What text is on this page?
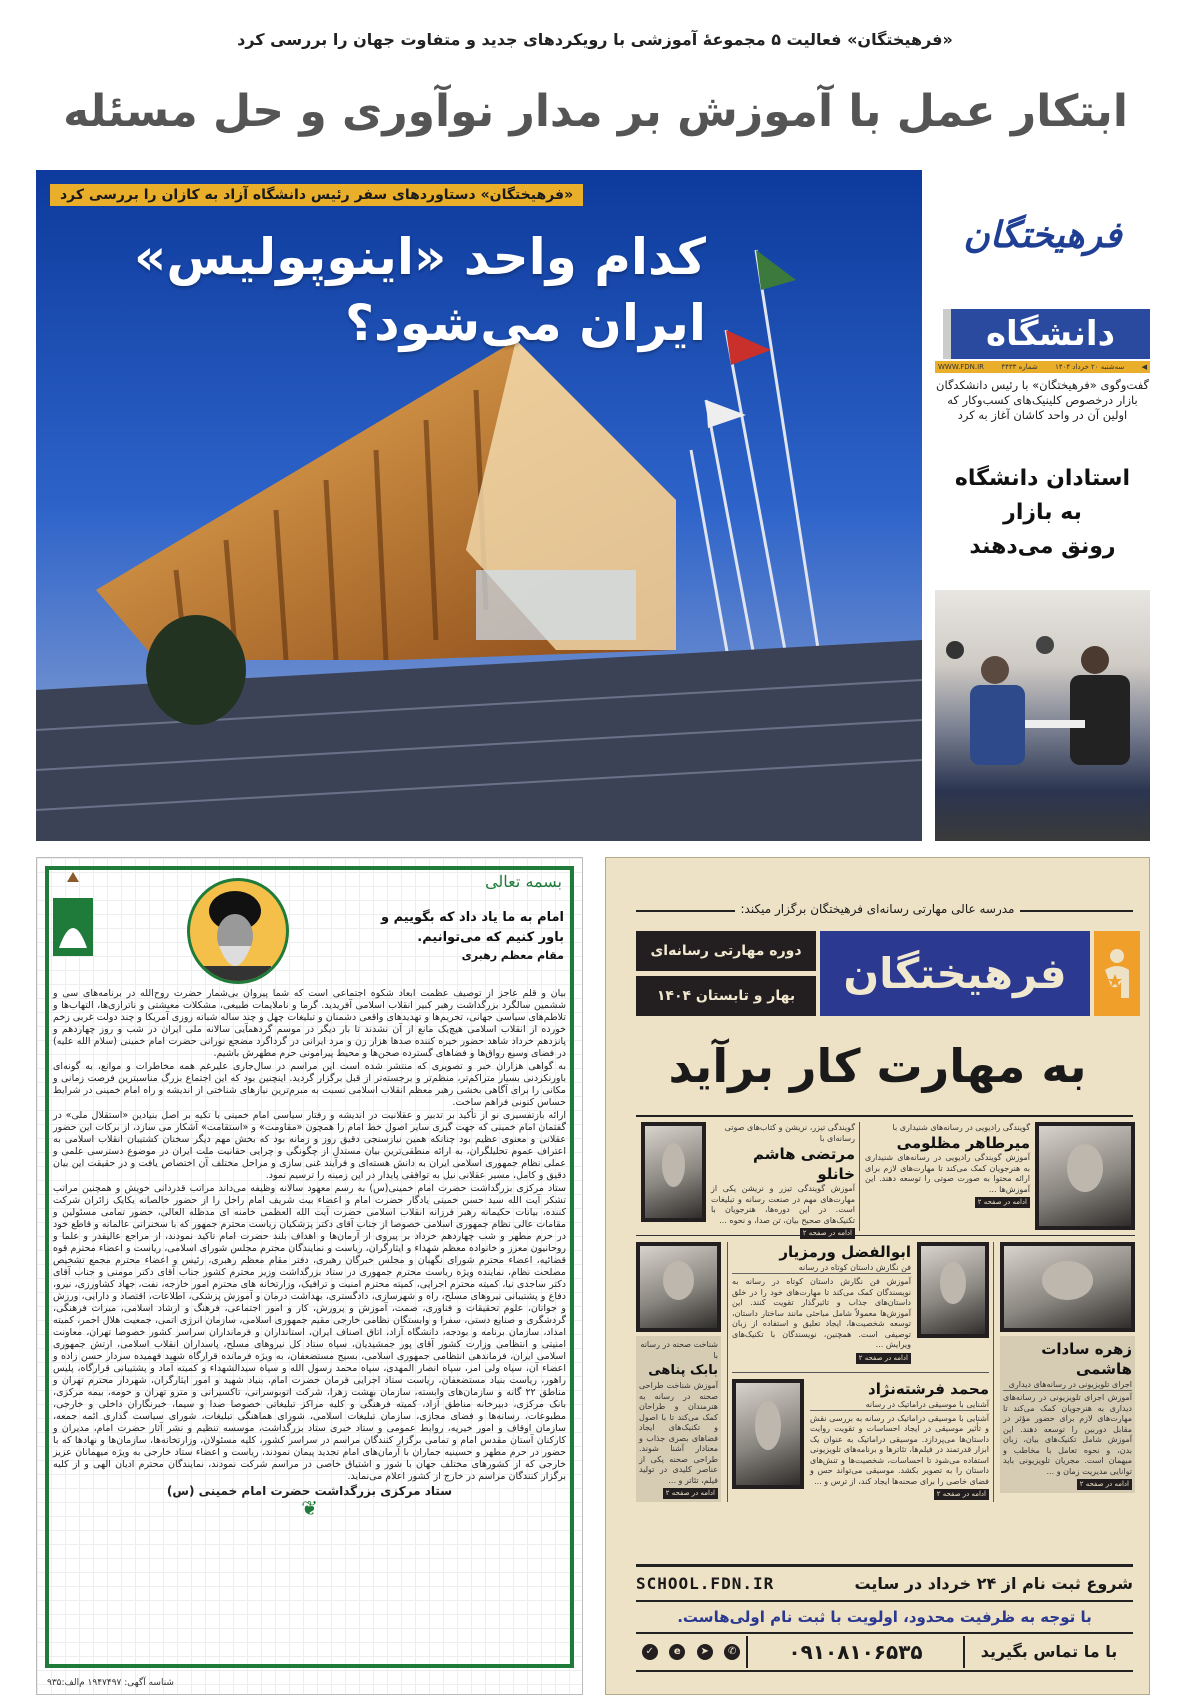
«فرهیختگان» فعالیت ۵ مجموعهٔ آموزشی با رویکردهای جدید و متفاوت جهان را بررسی کرد
ابتکار عمل با آموزش بر مدار نوآوری و حل مسئله
«فرهیختگان» دستاوردهای سفر رئیس دانشگاه آزاد به کازان را بررسی کرد
کدام واحد «اینوپولیس»
ایران می‌شود؟
فرهیختگان
دانشگاه
◀
سه‌شنبه ۲۰ خرداد ۱۴۰۴
شماره ۴۴۳۳
WWW.FDN.IR
گفت‌وگوی «فرهیختگان» با رئیس دانشکدگان بازار درخصوص کلینیک‌های کسب‌وکار که اولین آن در واحد کاشان آغاز به کرد
استادان دانشگاه
به بازار
رونق می‌دهند
بسمه تعالی
امام به ما یاد داد که بگوییم و
باور کنیم که می‌توانیم.
مقام معظم رهبری

بیان و قلم عاجز از توصیف عظمت ابعاد شکوه اجتماعی است که شما پیروان بی‌شمار حضرت روح‌الله در برنامه‌های سی و ششمین سالگرد بزرگداشت رهبر کبیر انقلاب اسلامی آفریدید. گرما و ناملایمات طبیعی، مشکلات معیشتی و ناترازی‌ها، التهاب‌ها و تلاطم‌های سیاسی جهانی، تحریم‌ها و تهدیدهای واقعی دشمنان و تبلیغات چهل و چند ساله شبانه روزی آمریکا و چند دولت غربی زخم خورده از انقلاب اسلامی هیچ‌یک مانع از آن نشدند تا بار دیگر در موسم گردهمآیی سالانه ملی ایران در شب و روز چهاردهم و پانزدهم خرداد شاهد حضور خیره کننده صدها هزار زن و مرد ایرانی در گرداگرد مضجع نورانی حضرت امام خمینی (سلام الله علیه) در فضای وسیع رواق‌ها و فضاهای گسترده صحن‌ها و محیط پیرامونی حرم مطهرش باشیم.

به گواهی هزاران خبر و تصویری که منتشر شده است این مراسم در سال‌جاری علیرغم همه مخاطرات و موانع، به گونه‌ای باورنکردنی بسیار متراکم‌تر، منظم‌تر و برجسته‌تر از قبل برگزار گردید. اینچنین بود که این اجتماع بزرگ مناسبترین فرصت زمانی و مکانی را برای آگاهی بخشی رهبر معظم انقلاب اسلامی نسبت به مبرم‌ترین نیازهای شناختی از اندیشه و راه امام خمینی در شرایط حساس کنونی فراهم ساخت.

ارائه بازتفسیری نو از تأکید بر تدبیر و عقلانیت در اندیشه و رفتار سیاسی امام خمینی با تکیه بر اصل بنیادین «استقلال ملی» در گفتمان امام خمینی که جهت گیری سایر اصول خط امام را همچون «مقاومت» و «استقامت» آشکار می سازد، از برکات این حضور عقلانی و معنوی عظیم بود چنانکه همین نیازسنجی دقیق روز و زمانه بود که بخش مهم دیگر سخنان کشتیبان انقلاب اسلامی به اعتراف عموم تحلیلگران، به ارائه منطقی‌ترین بیان مستدل از چگونگی و چرایی حقانیت ملت ایران در موضوع دسترسی علمی و عملی نظام جمهوری اسلامی ایران به دانش هسته‌ای و فرآیند غنی سازی و مراحل مختلف آن اختصاص یافت و در حقیقت این بیان دقیق و کامل، مسیر عقلانی نیل به توافقی پایدار در این زمینه را ترسیم نمود.

ستاد مرکزی بزرگداشت حضرت امام خمینی(س) به رسم معهود سالانه وظیفه می‌داند مراتب قدردانی خویش و همچنین مراتب تشکر آیت الله سید حسن خمینی یادگار حضرت امام و اعضاء بیت شریف امام راحل را از حضور خالصانه یکایک زائران شرکت کننده، بیانات حکیمانه رهبر فرزانه انقلاب اسلامی حضرت آیت الله العظمی خامنه ای مدظله العالی، حضور تمامی مسئولین و مقامات عالی نظام جمهوری اسلامی خصوصا از جناب آقای دکتر پزشکیان ریاست محترم جمهور که با سخنرانی عالمانه و قاطع خود در حرم مطهر و شب چهاردهم خرداد بر پیروی از آرمان‌ها و اهداف بلند حضرت امام تاکید نمودند، از مراجع عالیقدر و علما و روحانیون معزز و خانواده معظم شهداء و ایثارگران، ریاست و نمایندگان محترم مجلس شورای اسلامی، ریاست و اعضاء محترم قوه قضائیه، اعضاء محترم شورای نگهبان و مجلس خبرگان رهبری، دفتر مقام معظم رهبری، رئیس و اعضاء محترم مجمع تشخیص مصلحت نظام، نماینده ویژه ریاست محترم جمهوری در ستاد بزرگداشت وزیر محترم کشور جناب آقای دکتر مومنی و جناب آقای دکتر ساجدی نیا، کمیته محترم اجرایی، کمیته محترم امنیت و ترافیک، وزارتخانه های محترم امور خارجه، نفت، جهاد کشاورزی، نیرو، دفاع و پشتیبانی نیروهای مسلح، راه و شهرسازی، دادگستری، بهداشت درمان و آموزش پزشکی، اطلاعات، اقتصاد و دارایی، ورزش و جوانان، علوم تحقیقات و فناوری، صمت، آموزش و پرورش، کار و امور اجتماعی، فرهنگ و ارشاد اسلامی، میراث فرهنگی، گردشگری و صنایع دستی، سفرا و وابستگان نظامی خارجی مقیم جمهوری اسلامی، سازمان انرژی اتمی، جمعیت هلال احمر، کمیته امداد، سازمان برنامه و بودجه، دانشگاه آزاد، اتاق اصناف ایران، استانداران و فرمانداران سراسر کشور خصوصا تهران، معاونت امنیتی و انتظامی وزارت کشور آقای پور جمشیدیان، سپاه ستاد کل نیروهای مسلح، پاسداران انقلاب اسلامی، ارتش جمهوری اسلامی ایران، فرماندهی انتظامی جمهوری اسلامی، بسیج مستضعفان، به ویژه فرمانده قرارگاه شهید فهمیده سردار حسن زاده و اعضاء آن، سپاه ولی امر، سپاه انصار المهدی، سپاه محمد رسول الله و سپاه سیدالشهداء و کمیته آماد و پشتیبانی قرارگاه، پلیس راهور، ریاست بنیاد مستضعفان، ریاست ستاد اجرایی فرمان حضرت امام، بنیاد شهید و امور ایثارگران، شهردار محترم تهران و مناطق ۲۲ گانه و سازمان‌های وابسته، سازمان بهشت زهرا، شرکت اتوبوسرانی، تاکسیرانی و مترو تهران و حومه، بیمه مرکزی، بانک مرکزی، دبیرخانه مناطق آزاد، کمیته فرهنگی و کلیه مراکز تبلیغاتی خصوصا صدا و سیما، خبرنگاران داخلی و خارجی، مطبوعات، رسانه‌ها و فضای مجازی، سازمان تبلیغات اسلامی، شورای هماهنگی تبلیغات، شورای سیاست گذاری ائمه جمعه، سازمان اوقاف و امور خیریه، روابط عمومی و ستاد خبری ستاد بزرگداشت، موسسه تنظیم و نشر آثار حضرت امام، مدیران و کارکنان آستان مقدس امام و تمامی برگزار کنندگان مراسم در سراسر کشور، کلیه مسئولان، وزارتخانه‌ها، سازمان‌ها و نهادها که با حضور در حرم مطهر و حسینیه جماران با آرمان‌های امام تجدید پیمان نمودند، ریاست و اعضاء ستاد خارجی به ویژه میهمانان عزیز خارجی که از کشورهای مختلف جهان با شور و اشتیاق خاصی در مراسم شرکت نمودند، نمایندگان محترم ادیان الهی و از کلیه برگزار کنندگان مراسم در خارج از کشور اعلام می‌نماید.

ستاد مرکزی بزرگداشت حضرت امام خمینی (س)
❦
شناسه آگهی: ۱۹۴۷۴۹۷ م‌الف:۹۳۵
مدرسه عالی مهارتی رسانه‌ای فرهیختگان برگزار میکند:
فرهیختگان
دوره مهارتی رسانه‌ای
بهار و تابستان ۱۴۰۴
به مهارت کار برآید
گویندگی رادیویی در رسانه‌های شنیداری با
میرطاهر مظلومی
آموزش گویندگی رادیویی در رسانه‌های شنیداری به هنرجویان کمک می‌کند تا مهارت‌های لازم برای ارائه محتوا به صورت صوتی را توسعه دهند. این آموزش‌ها ...
ادامه در صفحه ۲
گویندگی تیزر، نریشن و کتاب‌های صوتی رسانه‌ای با
مرتضی هاشم خانلو
آموزش گویندگی تیزر و نریشن یکی از مهارت‌های مهم در صنعت رسانه و تبلیغات است. در این دوره‌ها، هنرجویان با تکنیک‌های صحیح بیان، تن صدا، و نحوه ...
ادامه در صفحه ۲
زهره سادات هاشمی
اجرای تلویزیونی در رسانه‌های دیداری
آموزش اجرای تلویزیونی در رسانه‌های دیداری به هنرجویان کمک می‌کند تا مهارت‌های لازم برای حضور مؤثر در مقابل دوربین را توسعه دهند. این آموزش شامل تکنیک‌های بیان، زبان بدن، و نحوه تعامل با مخاطب و میهمان است. مجریان تلویزیونی باید توانایی مدیریت زمان و ...
ادامه در صفحه ۲
ابوالفضل ورمزیار
فن نگارش داستان کوتاه در رسانه
آموزش فن نگارش داستان کوتاه در رسانه به نویسندگان کمک می‌کند تا مهارت‌های خود را در خلق داستان‌های جذاب و تاثیرگذار تقویت کنند. این آموزش‌ها معمولاً شامل مباحثی مانند ساختار داستان، توسعه شخصیت‌ها، ایجاد تعلیق و استفاده از زبان توصیفی است. همچنین، نویسندگان با تکنیک‌های ویرایش ...
ادامه در صفحه ۲
محمد فرشته‌نژاد
آشنایی با موسیقی دراماتیک در رسانه
آشنایی با موسیقی دراماتیک در رسانه به بررسی نقش و تأثیر موسیقی در ایجاد احساسات و تقویت روایت داستان‌ها می‌پردازد. موسیقی دراماتیک به عنوان یک ابزار قدرتمند در فیلم‌ها، تئاترها و برنامه‌های تلویزیونی استفاده می‌شود تا احساسات، شخصیت‌ها و تنش‌های داستان را به تصویر بکشد. موسیقی می‌تواند حس و فضای خاصی را برای صحنه‌ها ایجاد کند، از ترس و ...
ادامه در صفحه ۲
شناخت صحنه در رسانه با
بابک پناهی
آموزش شناخت طراحی صحنه در رسانه به هنرمندان و طراحان کمک می‌کند تا با اصول و تکنیک‌های ایجاد فضاهای بصری جذاب و معنادار آشنا شوند. طراحی صحنه یکی از عناصر کلیدی در تولید فیلم، تئاتر و ...
ادامه در صفحه ۲
شروع ثبت نام از ۲۴ خرداد در سایت
SCHOOL.FDN.IR
با توجه به ظرفیت محدود، اولویت با ثبت نام اولی‌هاست.
با ما تماس بگیرید
۰۹۱۰۸۱۰۶۵۳۵
✓	e	➤	✆
